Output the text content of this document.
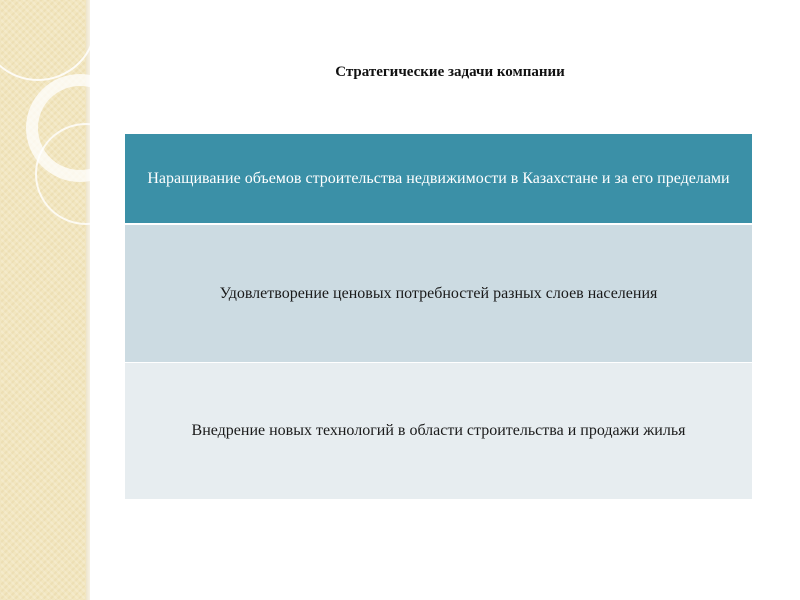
Стратегические задачи компании
Наращивание объемов строительства недвижимости в Казахстане и за его пределами
Удовлетворение ценовых потребностей разных слоев населения
Внедрение новых технологий в области строительства и продажи жилья
